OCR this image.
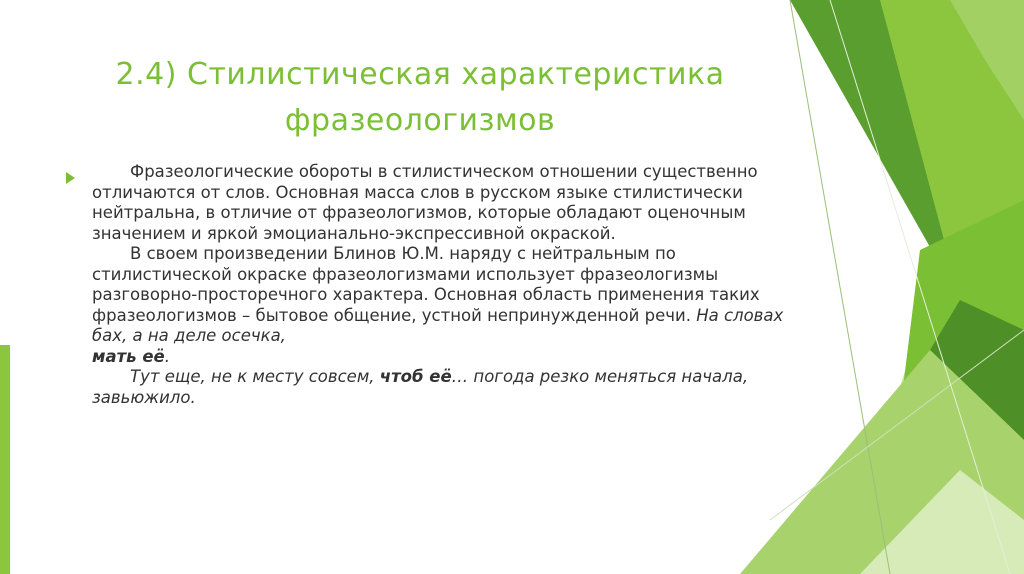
2.4) Стилистическая характеристика
фразеологизмов

Фразеологические обороты в стилистическом отношении существенно отличаются от слов. Основная масса слов в русском языке стилистически нейтральна, в отличие от фразеологизмов, которые обладают оценочным значением и яркой эмоцианально-экспрессивной окраской.

В своем произведении Блинов Ю.М. наряду с нейтральным по стилистической окраске фразеологизмами использует фразеологизмы разговорно-просторечного характера. Основная область применения таких фразеологизмов – бытовое общение, устной непринужденной речи. На словах бах, а на деле осечка,
мать её.

Тут еще, не к месту совсем, чтоб её… погода резко меняться начала, завьюжило.
